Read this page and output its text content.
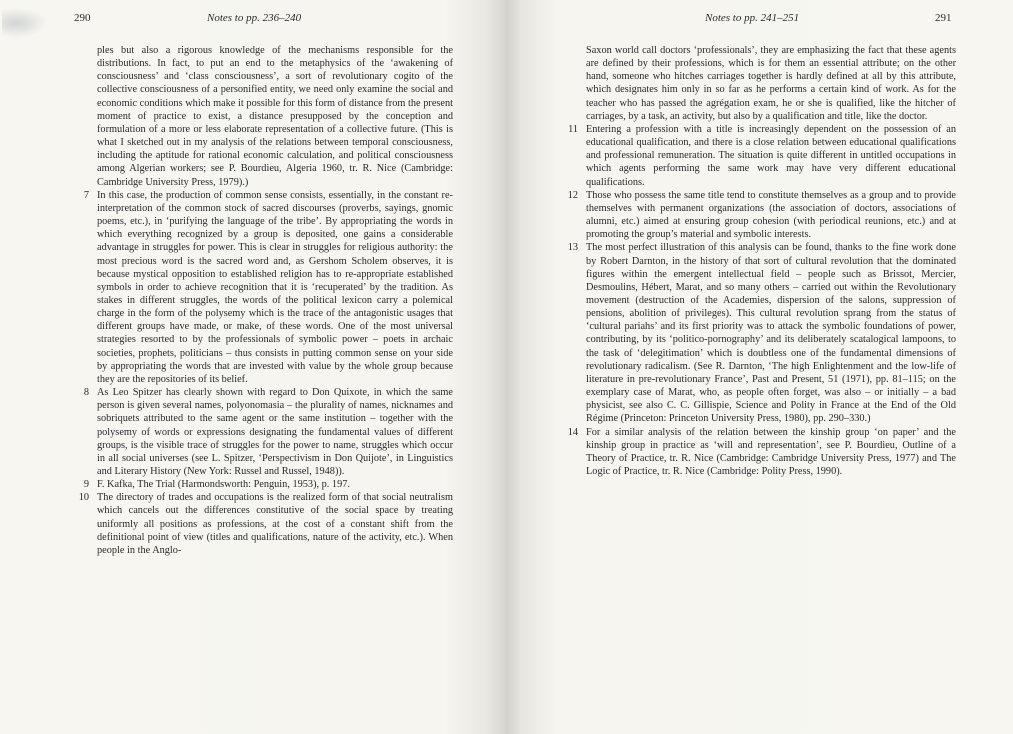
290	Notes to pp. 236–240

ples but also a rigorous knowledge of the mechanisms responsible for the distributions. In fact, to put an end to the metaphysics of the ‘awakening of consciousness’ and ‘class consciousness’, a sort of revolutionary cogito of the collective consciousness of a personified entity, we need only examine the social and economic conditions which make it possible for this form of distance from the present moment of practice to exist, a distance presupposed by the conception and formulation of a more or less elaborate representation of a collective future. (This is what I sketched out in my analysis of the relations between temporal consciousness, including the aptitude for rational economic calculation, and political consciousness among Algerian workers; see P. Bourdieu, Algeria 1960, tr. R. Nice (Cambridge: Cambridge University Press, 1979).)

7 In this case, the production of common sense consists, essentially, in the constant re-interpretation of the common stock of sacred discourses (proverbs, sayings, gnomic poems, etc.), in ‘purifying the language of the tribe’. By appropriating the words in which everything recognized by a group is deposited, one gains a considerable advantage in struggles for power. This is clear in struggles for religious authority: the most precious word is the sacred word and, as Gershom Scholem observes, it is because mystical opposition to established religion has to re-appropriate established symbols in order to achieve recognition that it is ‘recuperated’ by the tradition. As stakes in different struggles, the words of the political lexicon carry a polemical charge in the form of the polysemy which is the trace of the antagonistic usages that different groups have made, or make, of these words. One of the most universal strategies resorted to by the professionals of symbolic power – poets in archaic societies, prophets, politicians – thus consists in putting common sense on your side by appropriating the words that are invested with value by the whole group because they are the repositories of its belief.
8 As Leo Spitzer has clearly shown with regard to Don Quixote, in which the same person is given several names, polyonomasia – the plurality of names, nicknames and sobriquets attributed to the same agent or the same institution – together with the polysemy of words or expressions designating the fundamental values of different groups, is the visible trace of struggles for the power to name, struggles which occur in all social universes (see L. Spitzer, ‘Perspectivism in Don Quijote’, in Linguistics and Literary History (New York: Russel and Russel, 1948)).
9 F. Kafka, The Trial (Harmondsworth: Penguin, 1953), p. 197.
10 The directory of trades and occupations is the realized form of that social neutralism which cancels out the differences constitutive of the social space by treating uniformly all positions as professions, at the cost of a constant shift from the definitional point of view (titles and qualifications, nature of the activity, etc.). When people in the Anglo-
Notes to pp. 241–251	291

Saxon world call doctors ‘professionals’, they are emphasizing the fact that these agents are defined by their professions, which is for them an essential attribute; on the other hand, someone who hitches carriages together is hardly defined at all by this attribute, which designates him only in so far as he performs a certain kind of work. As for the teacher who has passed the agrégation exam, he or she is qualified, like the hitcher of carriages, by a task, an activity, but also by a qualification and title, like the doctor.

11 Entering a profession with a title is increasingly dependent on the possession of an educational qualification, and there is a close relation between educational qualifications and professional remuneration. The situation is quite different in untitled occupations in which agents performing the same work may have very different educational qualifications.
12 Those who possess the same title tend to constitute themselves as a group and to provide themselves with permanent organizations (the association of doctors, associations of alumni, etc.) aimed at ensuring group cohesion (with periodical reunions, etc.) and at promoting the group’s material and symbolic interests.
13 The most perfect illustration of this analysis can be found, thanks to the fine work done by Robert Darnton, in the history of that sort of cultural revolution that the dominated figures within the emergent intellectual field – people such as Brissot, Mercier, Desmoulins, Hébert, Marat, and so many others – carried out within the Revolutionary movement (destruction of the Academies, dispersion of the salons, suppression of pensions, abolition of privileges). This cultural revolution sprang from the status of ‘cultural pariahs’ and its first priority was to attack the symbolic foundations of power, contributing, by its ‘politico-pornography’ and its deliberately scatalogical lampoons, to the task of ‘delegitimation’ which is doubtless one of the fundamental dimensions of revolutionary radicalism. (See R. Darnton, ‘The high Enlightenment and the low-life of literature in pre-revolutionary France’, Past and Present, 51 (1971), pp. 81–115; on the exemplary case of Marat, who, as people often forget, was also – or initially – a bad physicist, see also C. C. Gillispie, Science and Polity in France at the End of the Old Régime (Princeton: Princeton University Press, 1980), pp. 290–330.)
14 For a similar analysis of the relation between the kinship group ‘on paper’ and the kinship group in practice as ‘will and representation’, see P. Bourdieu, Outline of a Theory of Practice, tr. R. Nice (Cambridge: Cambridge University Press, 1977) and The Logic of Practice, tr. R. Nice (Cambridge: Polity Press, 1990).
